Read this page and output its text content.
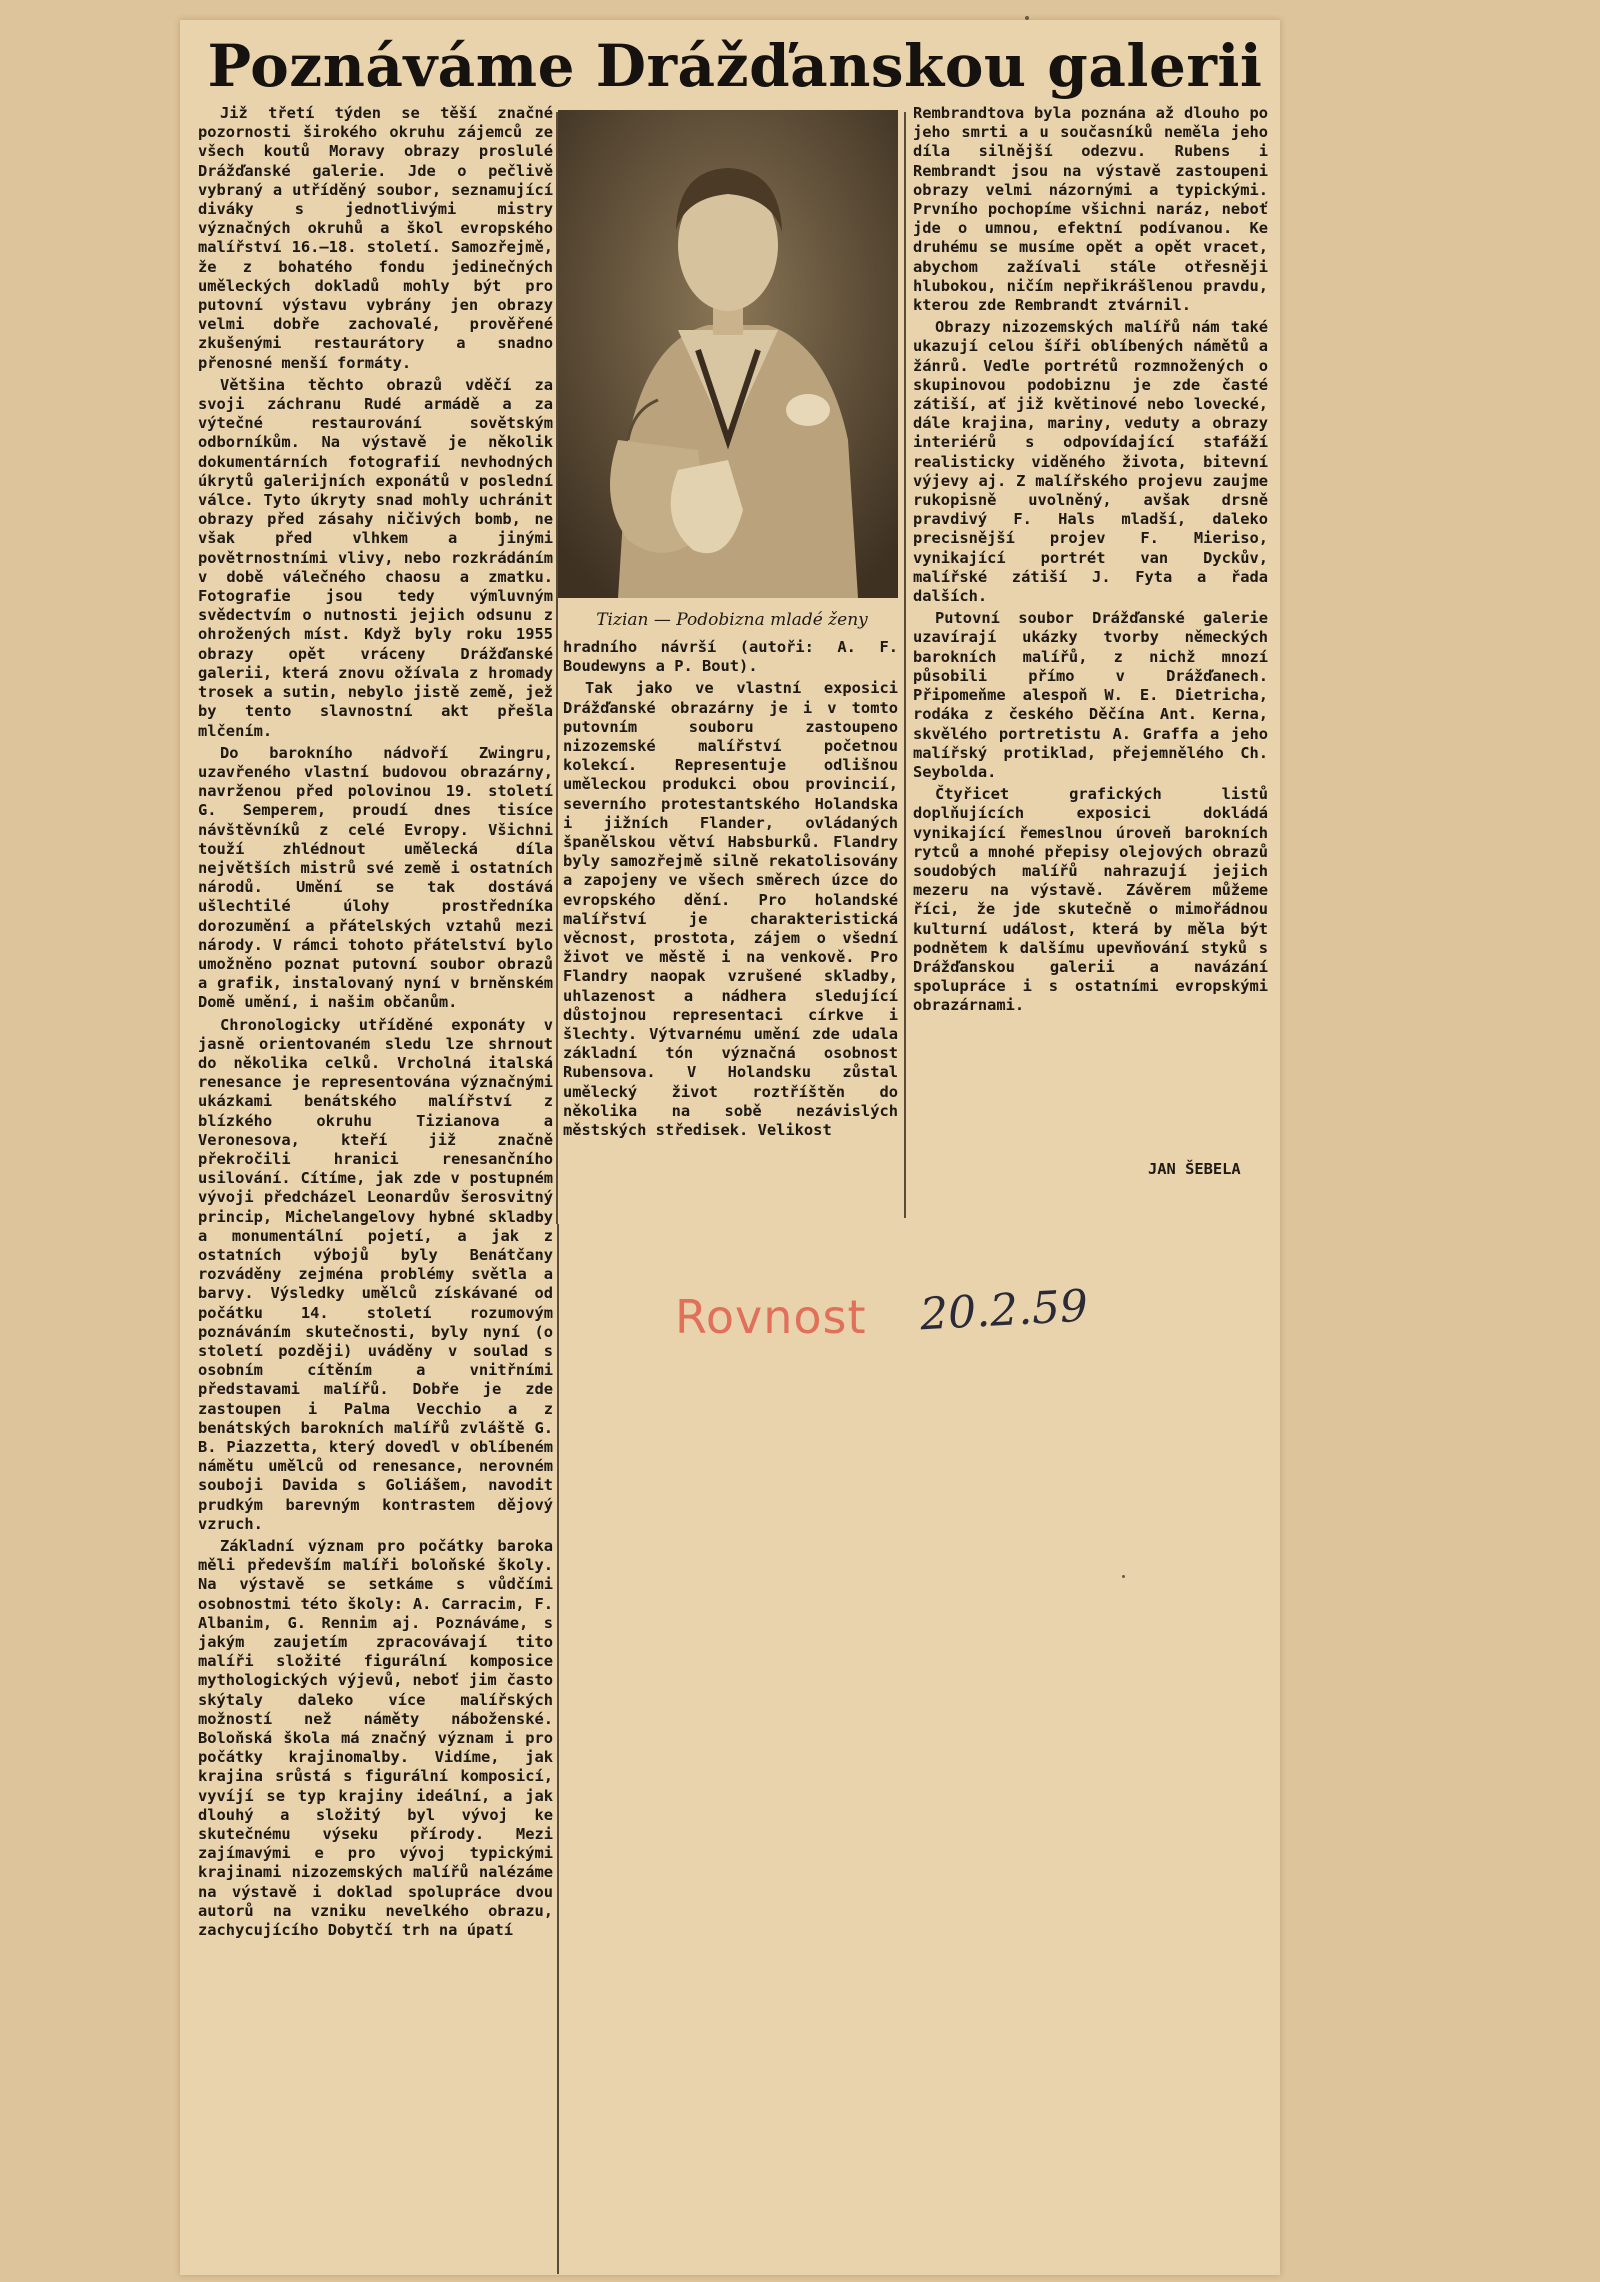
Poznáváme Drážďanskou galerii

Již třetí týden se těší značné pozornosti širokého okruhu zájemců ze všech koutů Moravy obrazy proslulé Drážďanské galerie. Jde o pečlivě vybraný a utříděný soubor, seznamující diváky s jednotlivými mistry význačných okruhů a škol evropského malířství 16.—18. století. Samozřejmě, že z bohatého fondu jedinečných uměleckých dokladů mohly být pro putovní výstavu vybrány jen obrazy velmi dobře zachovalé, prověřené zkušenými restaurátory a snadno přenosné menší formáty.

Většina těchto obrazů vděčí za svoji záchranu Rudé armádě a za výtečné restaurování sovětským odborníkům. Na výstavě je několik dokumentárních fotografií nevhodných úkrytů galerijních exponátů v poslední válce. Tyto úkryty snad mohly uchránit obrazy před zásahy ničivých bomb, ne však před vlhkem a jinými povětrnostními vlivy, nebo rozkrádáním v době válečného chaosu a zmatku. Fotografie jsou tedy výmluvným svědectvím o nutnosti jejich odsunu z ohrožených míst. Když byly roku 1955 obrazy opět vráceny Drážďanské galerii, která znovu ožívala z hromady trosek a sutin, nebylo jistě země, jež by tento slavnostní akt přešla mlčením.

Do barokního nádvoří Zwingru, uzavřeného vlastní budovou obrazárny, navrženou před polovinou 19. století G. Semperem, proudí dnes tisíce návštěvníků z celé Evropy. Všichni touží zhlédnout umělecká díla největších mistrů své země i ostatních národů. Umění se tak dostává ušlechtilé úlohy prostředníka dorozumění a přátelských vztahů mezi národy. V rámci tohoto přátelství bylo umožněno poznat putovní soubor obrazů a grafik, instalovaný nyní v brněnském Domě umění, i našim občanům.

Chronologicky utříděné exponáty v jasně orientovaném sledu lze shrnout do několika celků. Vrcholná italská renesance je representována význačnými ukázkami benátského malířství z blízkého okruhu Tizianova a Veronesova, kteří již značně překročili hranici renesančního usilování. Cítíme, jak zde v postupném vývoji předcházel Leonardův šerosvitný princip, Michelangelovy hybné skladby a monumentální pojetí, a jak z ostatních výbojů byly Benátčany rozváděny zejména problémy světla a barvy. Výsledky umělců získávané od počátku 14. století rozumovým poznáváním skutečnosti, byly nyní (o století později) uváděny v soulad s osobním cítěním a vnitřními představami malířů. Dobře je zde zastoupen i Palma Vecchio a z benátských barokních malířů zvláště G. B. Piazzetta, který dovedl v oblíbeném námětu umělců od renesance, nerovném souboji Davida s Goliášem, navodit prudkým barevným kontrastem dějový vzruch.

Základní význam pro počátky baroka měli především malíři boloňské školy. Na výstavě se setkáme s vůdčími osobnostmi této školy: A. Carracim, F. Albanim, G. Rennim aj. Poznáváme, s jakým zaujetím zpracovávají tito malíři složité figurální komposice mythologických výjevů, neboť jim často skýtaly daleko více malířských možností než náměty náboženské. Boloňská škola má značný význam i pro počátky krajinomalby. Vidíme, jak krajina srůstá s figurální komposicí, vyvíjí se typ krajiny ideální, a jak dlouhý a složitý byl vývoj ke skutečnému výseku přírody. Mezi zajímavými e pro vývoj typickými krajinami nizozemských malířů nalézáme na výstavě i doklad spolupráce dvou autorů na vzniku nevelkého obrazu, zachycujícího Dobytčí trh na úpatí

Tizian — Podobizna mladé ženy

hradního návrší (autoři: A. F. Boudewyns a P. Bout).

Tak jako ve vlastní exposici Drážďanské obrazárny je i v tomto putovním souboru zastoupeno nizozemské malířství početnou kolekcí. Representuje odlišnou uměleckou produkci obou provincií, severního protestantského Holandska i jižních Flander, ovládaných španělskou větví Habsburků. Flandry byly samozřejmě silně rekatolisovány a zapojeny ve všech směrech úzce do evropského dění. Pro holandské malířství je charakteristická věcnost, prostota, zájem o všední život ve městě i na venkově. Pro Flandry naopak vzrušené skladby, uhlazenost a nádhera sledující důstojnou representaci církve i šlechty. Výtvarnému umění zde udala základní tón význačná osobnost Rubensova. V Holandsku zůstal umělecký život roztříštěn do několika na sobě nezávislých městských středisek. Velikost

Rembrandtova byla poznána až dlouho po jeho smrti a u současníků neměla jeho díla silnější odezvu. Rubens i Rembrandt jsou na výstavě zastoupeni obrazy velmi názornými a typickými. Prvního pochopíme všichni naráz, neboť jde o umnou, efektní podívanou. Ke druhému se musíme opět a opět vracet, abychom zažívali stále otřesněji hlubokou, ničím nepřikrášlenou pravdu, kterou zde Rembrandt ztvárnil.

Obrazy nizozemských malířů nám také ukazují celou šíři oblíbených námětů a žánrů. Vedle portrétů rozmnožených o skupinovou podobiznu je zde časté zátiší, ať již květinové nebo lovecké, dále krajina, mariny, veduty a obrazy interiérů s odpovídající stafáží realisticky viděného života, bitevní výjevy aj. Z malířského projevu zaujme rukopisně uvolněný, avšak drsně pravdivý F. Hals mladší, daleko precisnější projev F. Mieriso, vynikající portrét van Dyckův, malířské zátiší J. Fyta a řada dalších.

Putovní soubor Drážďanské galerie uzavírají ukázky tvorby německých barokních malířů, z nichž mnozí působili přímo v Drážďanech. Připomeňme alespoň W. E. Dietricha, rodáka z českého Děčína Ant. Kerna, skvělého portretistu A. Graffa a jeho malířský protiklad, přejemnělého Ch. Seybolda.

Čtyřicet grafických listů doplňujících exposici dokládá vynikající řemeslnou úroveň barokních rytců a mnohé přepisy olejových obrazů soudobých malířů nahrazují jejich mezeru na výstavě. Závěrem můžeme říci, že jde skutečně o mimořádnou kulturní událost, která by měla být podnětem k dalšímu upevňování styků s Drážďanskou galerii a navázání spolupráce i s ostatními evropskými obrazárnami.

JAN ŠEBELA
Rovnost 20.2.59
